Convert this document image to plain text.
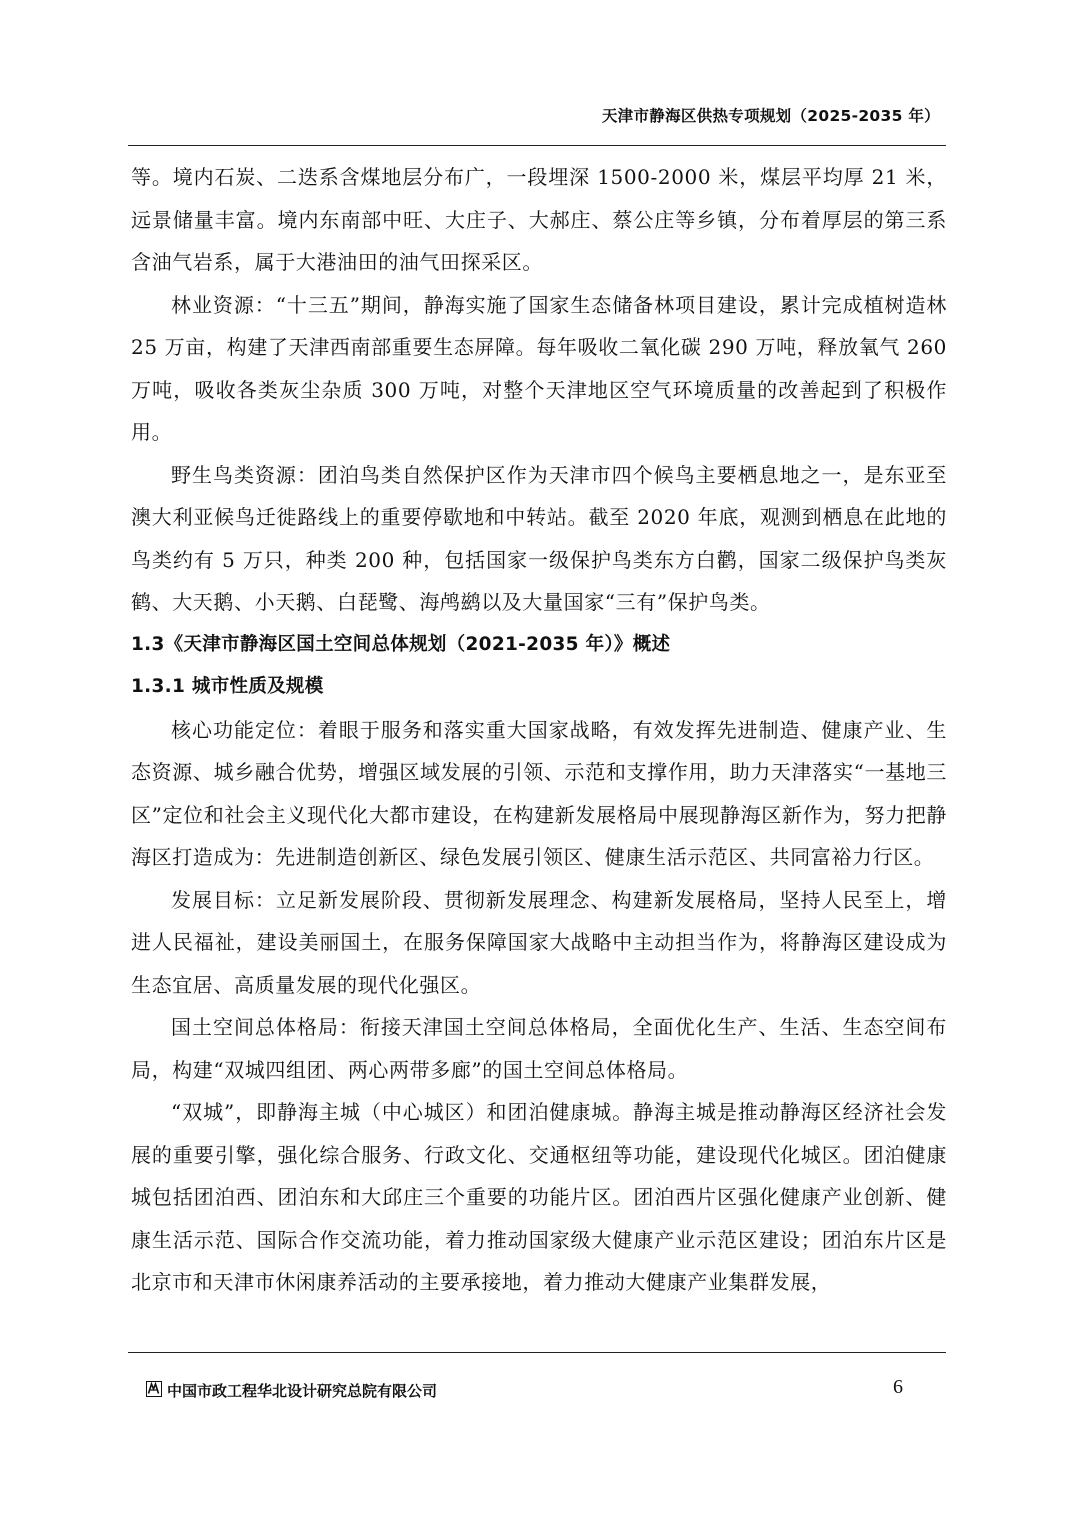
天津市静海区供热专项规划（2025-2035 年）

等。境内石炭、二迭系含煤地层分布广，一段埋深 1500-2000 米，煤层平均厚 21 米，远景储量丰富。境内东南部中旺、大庄子、大郝庄、蔡公庄等乡镇，分布着厚层的第三系含油气岩系，属于大港油田的油气田探采区。

林业资源：“十三五”期间，静海实施了国家生态储备林项目建设，累计完成植树造林 25 万亩，构建了天津西南部重要生态屏障。每年吸收二氧化碳 290 万吨，释放氧气 260 万吨，吸收各类灰尘杂质 300 万吨，对整个天津地区空气环境质量的改善起到了积极作用。

野生鸟类资源：团泊鸟类自然保护区作为天津市四个候鸟主要栖息地之一，是东亚至澳大利亚候鸟迁徙路线上的重要停歇地和中转站。截至 2020 年底，观测到栖息在此地的鸟类约有 5 万只，种类 200 种，包括国家一级保护鸟类东方白鹳，国家二级保护鸟类灰鹤、大天鹅、小天鹅、白琵鹭、海鸬鹚以及大量国家“三有”保护鸟类。

1.3《天津市静海区国土空间总体规划（2021-2035 年）》概述
1.3.1 城市性质及规模

核心功能定位：着眼于服务和落实重大国家战略，有效发挥先进制造、健康产业、生态资源、城乡融合优势，增强区域发展的引领、示范和支撑作用，助力天津落实“一基地三区”定位和社会主义现代化大都市建设，在构建新发展格局中展现静海区新作为，努力把静海区打造成为：先进制造创新区、绿色发展引领区、健康生活示范区、共同富裕力行区。

发展目标：立足新发展阶段、贯彻新发展理念、构建新发展格局，坚持人民至上，增进人民福祉，建设美丽国土，在服务保障国家大战略中主动担当作为，将静海区建设成为生态宜居、高质量发展的现代化强区。

国土空间总体格局：衔接天津国土空间总体格局，全面优化生产、生活、生态空间布局，构建“双城四组团、两心两带多廊”的国土空间总体格局。

“双城”，即静海主城（中心城区）和团泊健康城。静海主城是推动静海区经济社会发展的重要引擎，强化综合服务、行政文化、交通枢纽等功能，建设现代化城区。团泊健康城包括团泊西、团泊东和大邱庄三个重要的功能片区。团泊西片区强化健康产业创新、健康生活示范、国际合作交流功能，着力推动国家级大健康产业示范区建设；团泊东片区是北京市和天津市休闲康养活动的主要承接地，着力推动大健康产业集群发展，

中国市政工程华北设计研究总院有限公司	6
